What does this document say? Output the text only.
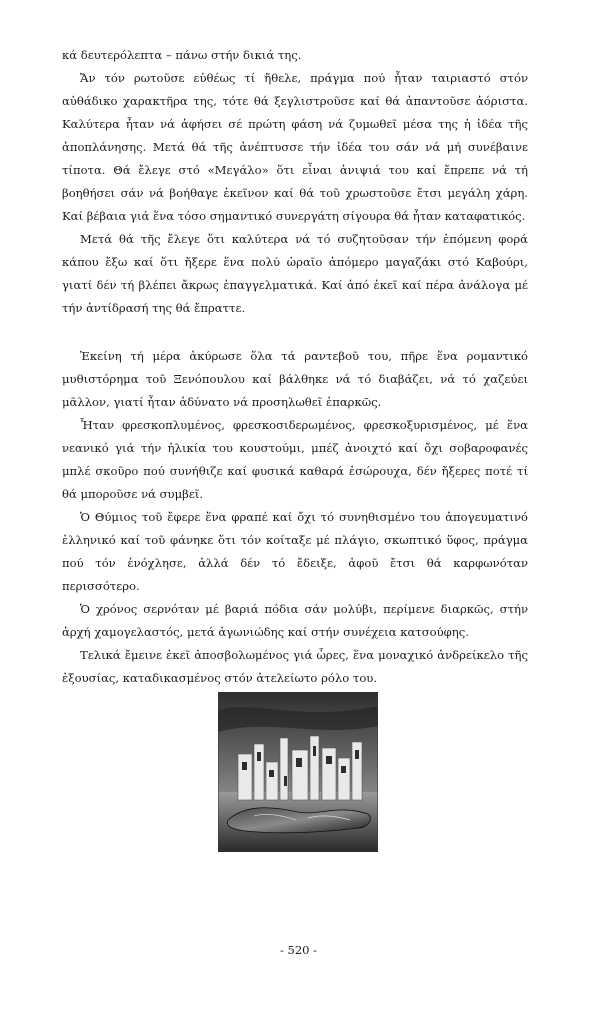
κά δευτερόλεπτα – πάνω στήν δικιά της.

Ἄν τόν ρωτοῦσε εὐθέως τί ἤθελε, πράγμα πού ἦταν ταιριαστό στόν αὐθάδικο χαρακτῆρα της, τότε θά ξεγλιστροῦσε καί θά ἀπαντοῦσε ἀόριστα. Καλύτερα ἦταν νά ἀφήσει σέ πρώτη φάση νά ζυμωθεῖ μέσα της ἡ ἰδέα τῆς ἀποπλάνησης. Μετά θά τῆς ἀνέπτυσσε τήν ἰδέα του σάν νά μή συνέβαινε τίποτα. Θά ἔλεγε στό «Μεγάλο» ὅτι εἶναι ἀνιψιά του καί ἔπρεπε νά τή βοηθήσει σάν νά βοήθαγε ἐκεῖνον καί θά τοῦ χρωστοῦσε ἔτσι μεγάλη χάρη. Καί βέβαια γιά ἕνα τόσο σημαντικό συνεργάτη σίγουρα θά ἦταν καταφατικός.

Μετά θά τῆς ἔλεγε ὅτι καλύτερα νά τό συζητοῦσαν τήν ἑπόμενη φορά κάπου ἔξω καί ὅτι ἤξερε ἕνα πολύ ὡραῖο ἀπόμερο μαγαζάκι στό Καβούρι, γιατί δέν τή βλέπει ἄκρως ἐπαγγελματικά. Καί ἀπό ἐκεῖ καί πέρα ἀνάλογα μέ τήν ἀντίδρασή της θά ἔπραττε.

Ἐκείνη τή μέρα ἀκύρωσε ὅλα τά ραντεβοῦ του, πῆρε ἕνα ρομαντικό μυθιστόρημα τοῦ Ξενόπουλου καί βάλθηκε νά τό διαβάζει, νά τό χαζεύει μᾶλλον, γιατί ἦταν ἀδύνατο νά προσηλωθεῖ ἐπαρκῶς.

Ἦταν φρεσκοπλυμένος, φρεσκοσιδερωμένος, φρεσκοξυρισμένος, μέ ἕνα νεανικό γιά τήν ἡλικία του κουστούμι, μπέζ ἀνοιχτό καί ὄχι σοβαροφανές μπλέ σκοῦρο πού συνήθιζε καί φυσικά καθαρά ἐσώρουχα, δέν ἤξερες ποτέ τί θά μποροῦσε νά συμβεῖ.

Ὁ Θύμιος τοῦ ἔφερε ἕνα φραπέ καί ὄχι τό συνηθισμένο του ἀπογευματινό ἑλληνικό καί τοῦ φάνηκε ὅτι τόν κοίταξε μέ πλάγιο, σκωπτικό ὕφος, πράγμα πού τόν ἐνόχλησε, ἀλλά δέν τό ἔδειξε, ἀφοῦ ἔτσι θά καρφωνόταν περισσότερο.

Ὁ χρόνος σερνόταν μέ βαριά πόδια σάν μολύβι, περίμενε διαρκῶς, στήν ἀρχή χαμογελαστός, μετά ἀγωνιώδης καί στήν συνέχεια κατσούφης.

Τελικά ἔμεινε ἐκεῖ ἀποσβολωμένος γιά ὧρες, ἕνα μοναχικό ἀνδρείκελο τῆς ἐξουσίας, καταδικασμένος στόν ἀτελείωτο ρόλο του.

- 520 -
